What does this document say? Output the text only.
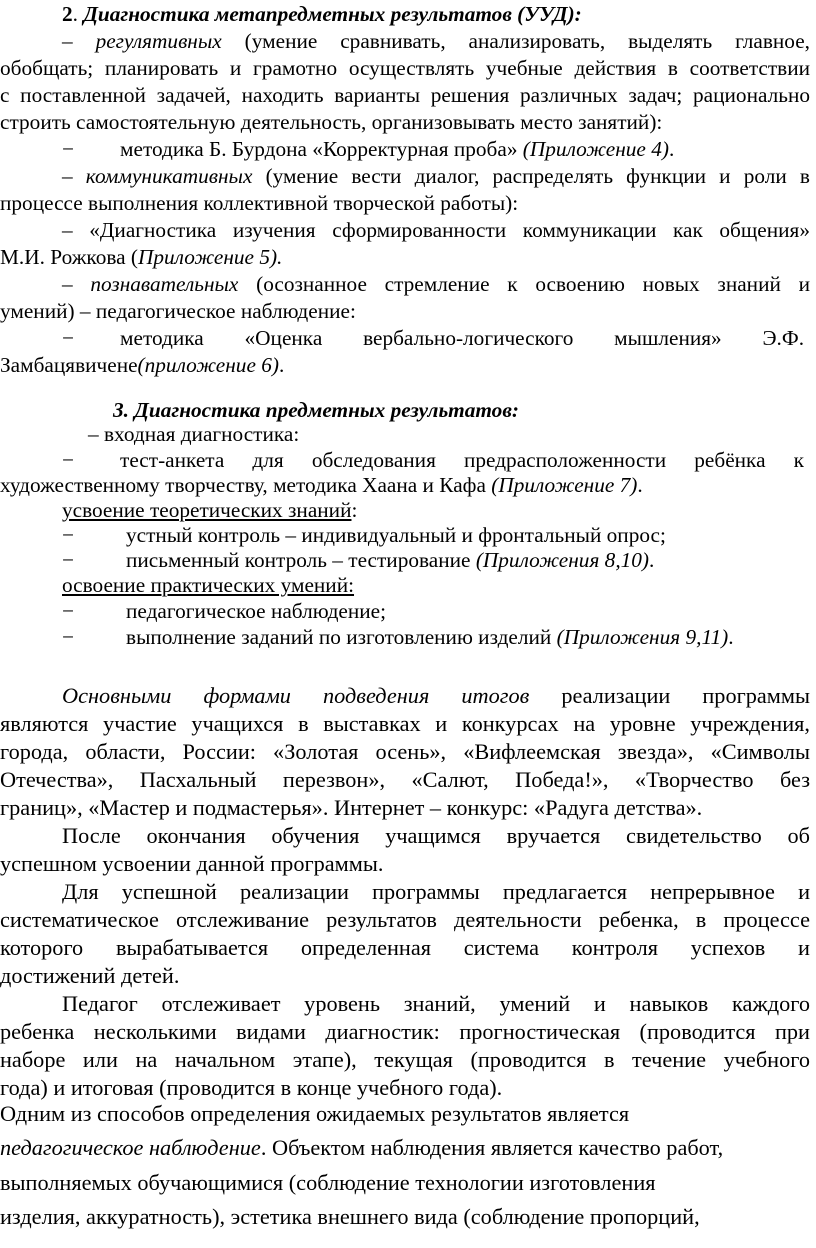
2. Диагностика метапредметных результатов (УУД):
– регулятивных (умение сравнивать, анализировать, выделять главное,
обобщать; планировать и грамотно осуществлять учебные действия в соответствии
с поставленной задачей, находить варианты решения различных задач; рационально
строить самостоятельную деятельность, организовывать место занятий):
− методика Б. Бурдона «Корректурная проба» (Приложение 4).
– коммуникативных (умение вести диалог, распределять функции и роли в
процессе выполнения коллективной творческой работы):
– «Диагностика изучения сформированности коммуникации как общения»
М.И. Рожкова (Приложение 5).
– познавательных (осознанное стремление к освоению новых знаний и
умений) – педагогическое наблюдение:
− методика «Оценка вербально-логического мышления» Э.Ф.
Замбацявичене(приложение 6).
3. Диагностика предметных результатов:
– входная диагностика:
− тест-анкета для обследования предрасположенности ребёнка к
художественному творчеству, методика Хаана и Кафа (Приложение 7).
усвоение теоретических знаний:
− устный контроль – индивидуальный и фронтальный опрос;
− письменный контроль – тестирование (Приложения 8,10).
освоение практических умений:
− педагогическое наблюдение;
− выполнение заданий по изготовлению изделий (Приложения 9,11).
Основными формами подведения итогов реализации программы
являются участие учащихся в выставках и конкурсах на уровне учреждения,
города, области, России: «Золотая осень», «Вифлеемская звезда», «Символы
Отечества», Пасхальный перезвон», «Салют, Победа!», «Творчество без
границ», «Мастер и подмастерья». Интернет – конкурс: «Радуга детства».
После окончания обучения учащимся вручается свидетельство об
успешном усвоении данной программы.
Для успешной реализации программы предлагается непрерывное и
систематическое отслеживание результатов деятельности ребенка, в процессе
которого вырабатывается определенная система контроля успехов и
достижений детей.
Педагог отслеживает уровень знаний, умений и навыков каждого
ребенка несколькими видами диагностик: прогностическая (проводится при
наборе или на начальном этапе), текущая (проводится в течение учебного
года) и итоговая (проводится в конце учебного года).
Одним из способов определения ожидаемых результатов является
педагогическое наблюдение. Объектом наблюдения является качество работ,
выполняемых обучающимися (соблюдение технологии изготовления
изделия, аккуратность), эстетика внешнего вида (соблюдение пропорций,
